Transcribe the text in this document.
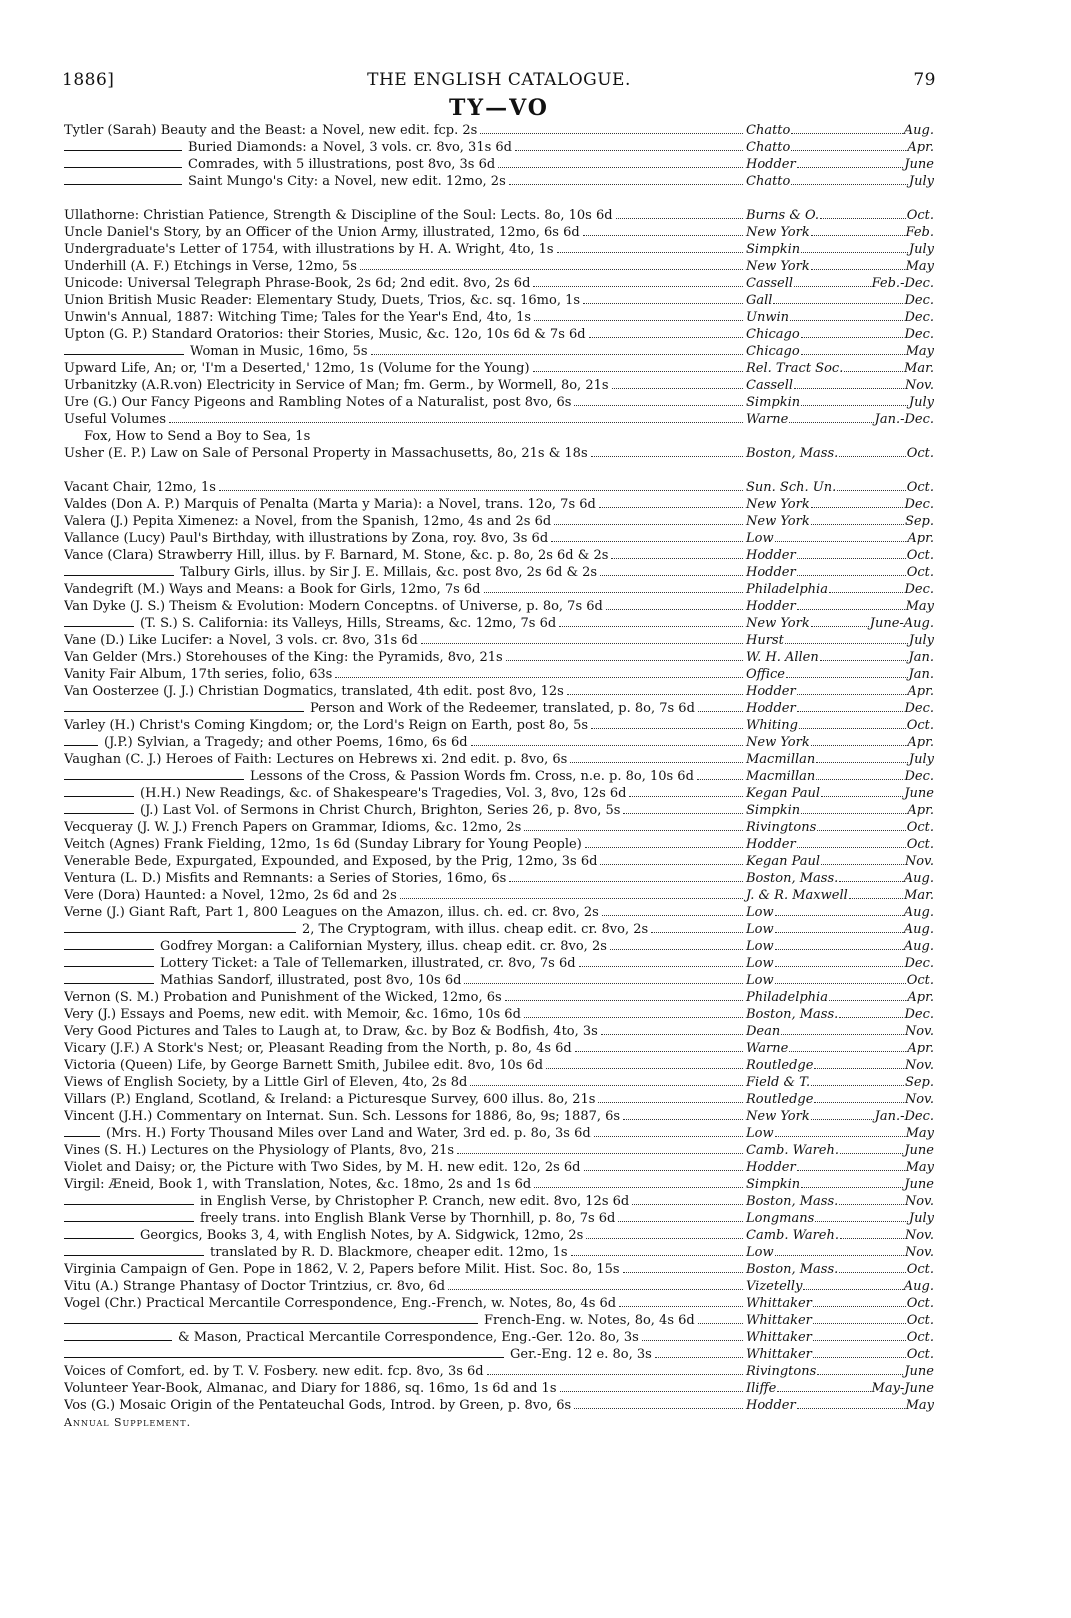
1886]	THE ENGLISH CATALOGUE.	79
TY—VO
Tytler (Sarah) Beauty and the Beast: a Novel, new edit. fcp. 2s	Chatto	Aug.
Buried Diamonds: a Novel, 3 vols. cr. 8vo, 31s 6d	Chatto	Apr.
Comrades, with 5 illustrations, post 8vo, 3s 6d	Hodder	June
Saint Mungo's City: a Novel, new edit. 12mo, 2s	Chatto	July
Ullathorne: Christian Patience, Strength & Discipline of the Soul: Lects. 8o, 10s 6d	Burns & O.	Oct.
Uncle Daniel's Story, by an Officer of the Union Army, illustrated, 12mo, 6s 6d	New York	Feb.
Undergraduate's Letter of 1754, with illustrations by H. A. Wright, 4to, 1s	Simpkin	July
Underhill (A. F.) Etchings in Verse, 12mo, 5s	New York	May
Unicode: Universal Telegraph Phrase-Book, 2s 6d; 2nd edit. 8vo, 2s 6d	Cassell	Feb.-Dec.
Union British Music Reader: Elementary Study, Duets, Trios, &c. sq. 16mo, 1s	Gall	Dec.
Unwin's Annual, 1887: Witching Time; Tales for the Year's End, 4to, 1s	Unwin	Dec.
Upton (G. P.) Standard Oratorios: their Stories, Music, &c. 12o, 10s 6d & 7s 6d	Chicago	Dec.
Woman in Music, 16mo, 5s	Chicago	May
Upward Life, An; or, 'I'm a Deserted,' 12mo, 1s (Volume for the Young)	Rel. Tract Soc.	Mar.
Urbanitzky (A.R.von) Electricity in Service of Man; fm. Germ., by Wormell, 8o, 21s	Cassell	Nov.
Ure (G.) Our Fancy Pigeons and Rambling Notes of a Naturalist, post 8vo, 6s	Simpkin	July
Useful Volumes	Warne	Jan.-Dec.
Fox, How to Send a Boy to Sea, 1s
Usher (E. P.) Law on Sale of Personal Property in Massachusetts, 8o, 21s & 18s	Boston, Mass.	Oct.
Vacant Chair, 12mo, 1s	Sun. Sch. Un.	Oct.
Valdes (Don A. P.) Marquis of Penalta (Marta y Maria): a Novel, trans. 12o, 7s 6d	New York	Dec.
Valera (J.) Pepita Ximenez: a Novel, from the Spanish, 12mo, 4s and 2s 6d	New York	Sep.
Vallance (Lucy) Paul's Birthday, with illustrations by Zona, roy. 8vo, 3s 6d	Low	Apr.
Vance (Clara) Strawberry Hill, illus. by F. Barnard, M. Stone, &c. p. 8o, 2s 6d & 2s	Hodder	Oct.
Talbury Girls, illus. by Sir J. E. Millais, &c. post 8vo, 2s 6d & 2s	Hodder	Oct.
Vandegrift (M.) Ways and Means: a Book for Girls, 12mo, 7s 6d	Philadelphia	Dec.
Van Dyke (J. S.) Theism & Evolution: Modern Conceptns. of Universe, p. 8o, 7s 6d	Hodder	May
(T. S.) S. California: its Valleys, Hills, Streams, &c. 12mo, 7s 6d	New York	June-Aug.
Vane (D.) Like Lucifer: a Novel, 3 vols. cr. 8vo, 31s 6d	Hurst	July
Van Gelder (Mrs.) Storehouses of the King: the Pyramids, 8vo, 21s	W. H. Allen	Jan.
Vanity Fair Album, 17th series, folio, 63s	Office	Jan.
Van Oosterzee (J. J.) Christian Dogmatics, translated, 4th edit. post 8vo, 12s	Hodder	Apr.
Person and Work of the Redeemer, translated, p. 8o, 7s 6d	Hodder	Dec.
Varley (H.) Christ's Coming Kingdom; or, the Lord's Reign on Earth, post 8o, 5s	Whiting	Oct.
(J.P.) Sylvian, a Tragedy; and other Poems, 16mo, 6s 6d	New York	Apr.
Vaughan (C. J.) Heroes of Faith: Lectures on Hebrews xi. 2nd edit. p. 8vo, 6s	Macmillan	July
Lessons of the Cross, & Passion Words fm. Cross, n.e. p. 8o, 10s 6d	Macmillan	Dec.
(H.H.) New Readings, &c. of Shakespeare's Tragedies, Vol. 3, 8vo, 12s 6d	Kegan Paul	June
(J.) Last Vol. of Sermons in Christ Church, Brighton, Series 26, p. 8vo, 5s	Simpkin	Apr.
Vecqueray (J. W. J.) French Papers on Grammar, Idioms, &c. 12mo, 2s	Rivingtons	Oct.
Veitch (Agnes) Frank Fielding, 12mo, 1s 6d (Sunday Library for Young People)	Hodder	Oct.
Venerable Bede, Expurgated, Expounded, and Exposed, by the Prig, 12mo, 3s 6d	Kegan Paul	Nov.
Ventura (L. D.) Misfits and Remnants: a Series of Stories, 16mo, 6s	Boston, Mass.	Aug.
Vere (Dora) Haunted: a Novel, 12mo, 2s 6d and 2s	J. & R. Maxwell	Mar.
Verne (J.) Giant Raft, Part 1, 800 Leagues on the Amazon, illus. ch. ed. cr. 8vo, 2s	Low	Aug.
2, The Cryptogram, with illus. cheap edit. cr. 8vo, 2s	Low	Aug.
Godfrey Morgan: a Californian Mystery, illus. cheap edit. cr. 8vo, 2s	Low	Aug.
Lottery Ticket: a Tale of Tellemarken, illustrated, cr. 8vo, 7s 6d	Low	Dec.
Mathias Sandorf, illustrated, post 8vo, 10s 6d	Low	Oct.
Vernon (S. M.) Probation and Punishment of the Wicked, 12mo, 6s	Philadelphia	Apr.
Very (J.) Essays and Poems, new edit. with Memoir, &c. 16mo, 10s 6d	Boston, Mass.	Dec.
Very Good Pictures and Tales to Laugh at, to Draw, &c. by Boz & Bodfish, 4to, 3s	Dean	Nov.
Vicary (J.F.) A Stork's Nest; or, Pleasant Reading from the North, p. 8o, 4s 6d	Warne	Apr.
Victoria (Queen) Life, by George Barnett Smith, Jubilee edit. 8vo, 10s 6d	Routledge	Nov.
Views of English Society, by a Little Girl of Eleven, 4to, 2s 8d	Field & T.	Sep.
Villars (P.) England, Scotland, & Ireland: a Picturesque Survey, 600 illus. 8o, 21s	Routledge	Nov.
Vincent (J.H.) Commentary on Internat. Sun. Sch. Lessons for 1886, 8o, 9s; 1887, 6s	New York	Jan.-Dec.
(Mrs. H.) Forty Thousand Miles over Land and Water, 3rd ed. p. 8o, 3s 6d	Low	May
Vines (S. H.) Lectures on the Physiology of Plants, 8vo, 21s	Camb. Wareh.	June
Violet and Daisy; or, the Picture with Two Sides, by M. H. new edit. 12o, 2s 6d	Hodder	May
Virgil: Æneid, Book 1, with Translation, Notes, &c. 18mo, 2s and 1s 6d	Simpkin	June
in English Verse, by Christopher P. Cranch, new edit. 8vo, 12s 6d	Boston, Mass.	Nov.
freely trans. into English Blank Verse by Thornhill, p. 8o, 7s 6d	Longmans	July
Georgics, Books 3, 4, with English Notes, by A. Sidgwick, 12mo, 2s	Camb. Wareh.	Nov.
translated by R. D. Blackmore, cheaper edit. 12mo, 1s	Low	Nov.
Virginia Campaign of Gen. Pope in 1862, V. 2, Papers before Milit. Hist. Soc. 8o, 15s	Boston, Mass.	Oct.
Vitu (A.) Strange Phantasy of Doctor Trintzius, cr. 8vo, 6d	Vizetelly	Aug.
Vogel (Chr.) Practical Mercantile Correspondence, Eng.-French, w. Notes, 8o, 4s 6d	Whittaker	Oct.
French-Eng. w. Notes, 8o, 4s 6d	Whittaker	Oct.
& Mason, Practical Mercantile Correspondence, Eng.-Ger. 12o. 8o, 3s	Whittaker	Oct.
Ger.-Eng. 12 e. 8o, 3s	Whittaker	Oct.
Voices of Comfort, ed. by T. V. Fosbery. new edit. fcp. 8vo, 3s 6d	Rivingtons	June
Volunteer Year-Book, Almanac, and Diary for 1886, sq. 16mo, 1s 6d and 1s	Iliffe	May-June
Vos (G.) Mosaic Origin of the Pentateuchal Gods, Introd. by Green, p. 8vo, 6s	Hodder	May
Annual Supplement.
